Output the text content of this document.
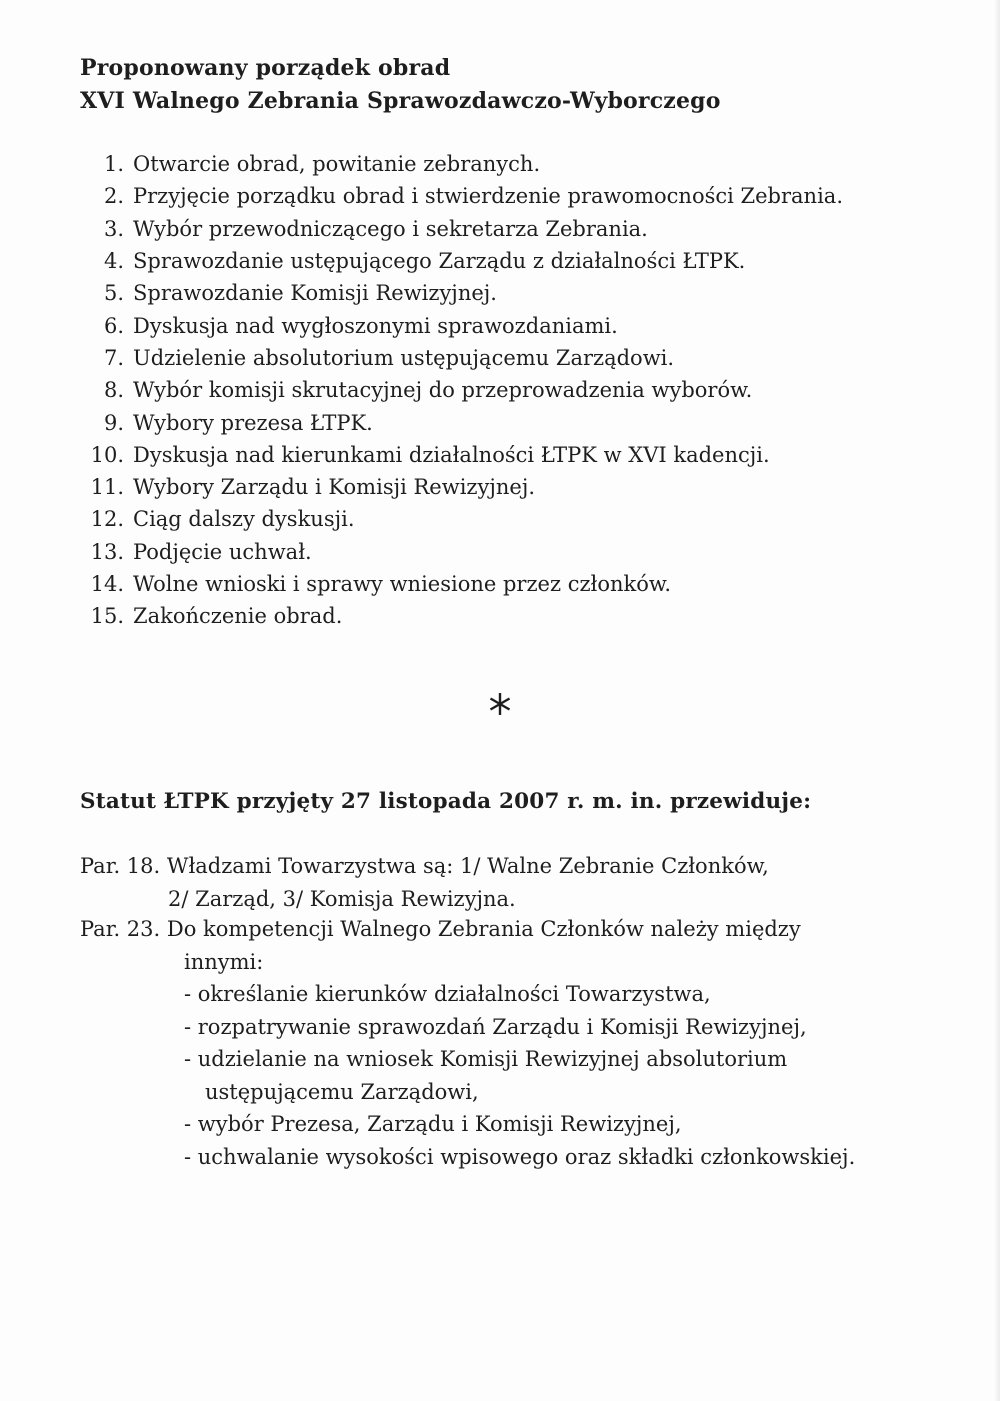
Proponowany porządek obrad
XVI Walnego Zebrania Sprawozdawczo-Wyborczego
1. Otwarcie obrad, powitanie zebranych.
2. Przyjęcie porządku obrad i stwierdzenie prawomocności Zebrania.
3. Wybór przewodniczącego i sekretarza Zebrania.
4. Sprawozdanie ustępującego Zarządu z działalności ŁTPK.
5. Sprawozdanie Komisji Rewizyjnej.
6. Dyskusja nad wygłoszonymi sprawozdaniami.
7. Udzielenie absolutorium ustępującemu Zarządowi.
8. Wybór komisji skrutacyjnej do przeprowadzenia wyborów.
9. Wybory prezesa ŁTPK.
10. Dyskusja nad kierunkami działalności ŁTPK w XVI kadencji.
11. Wybory Zarządu i Komisji Rewizyjnej.
12. Ciąg dalszy dyskusji.
13. Podjęcie uchwał.
14. Wolne wnioski i sprawy wniesione przez członków.
15. Zakończenie obrad.
Statut ŁTPK przyjęty 27 listopada 2007 r. m. in. przewiduje:
Par. 18. Władzami Towarzystwa są: 1/ Walne Zebranie Członków,
2/ Zarząd, 3/ Komisja Rewizyjna.
Par. 23. Do kompetencji Walnego Zebrania Członków należy między
innymi:
- określanie kierunków działalności Towarzystwa,
- rozpatrywanie sprawozdań Zarządu i Komisji Rewizyjnej,
- udzielanie na wniosek Komisji Rewizyjnej absolutorium
ustępującemu Zarządowi,
- wybór Prezesa, Zarządu i Komisji Rewizyjnej,
- uchwalanie wysokości wpisowego oraz składki członkowskiej.
